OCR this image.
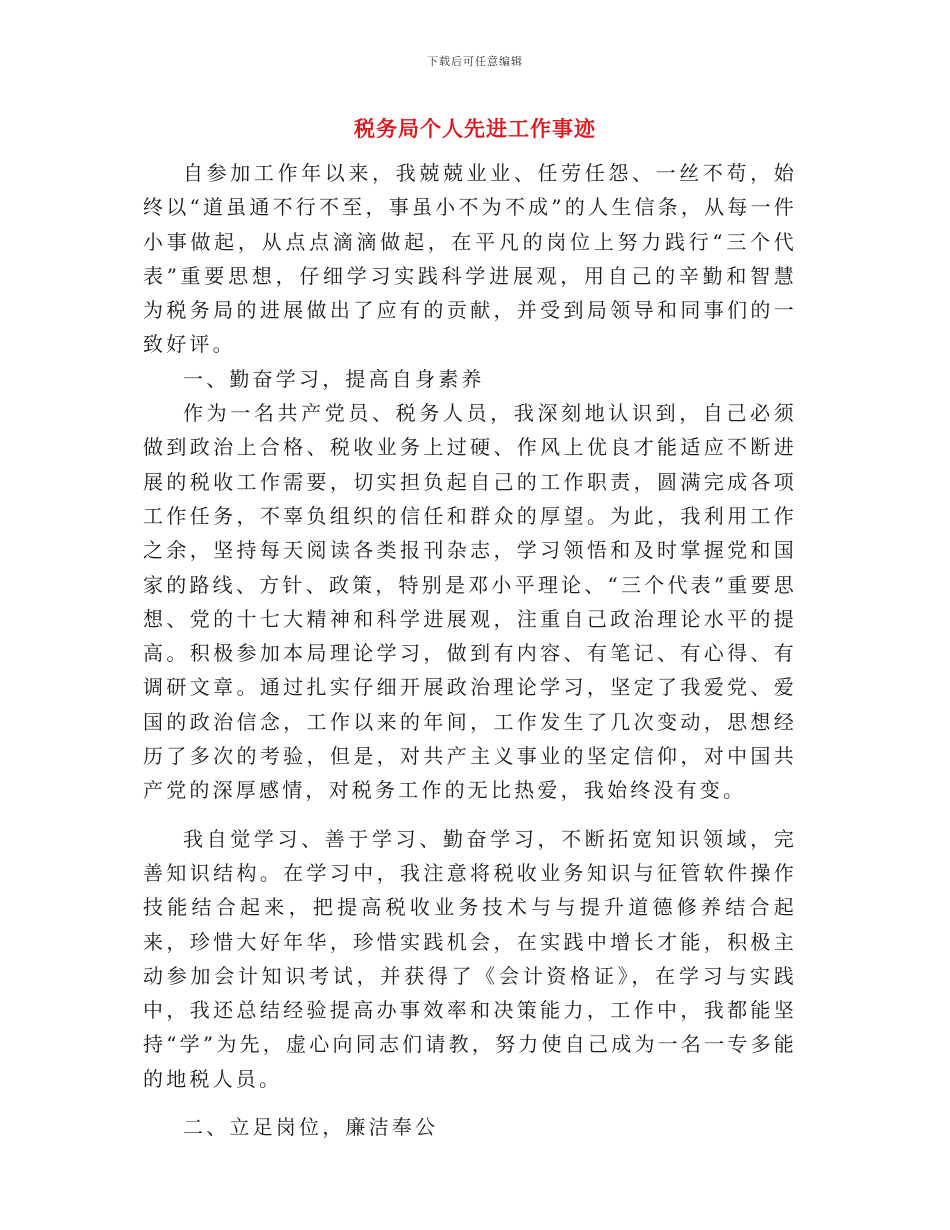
下载后可任意编辑
税务局个人先进工作事迹

自参加工作年以来，我兢兢业业、任劳任怨、一丝不苟，始终以“道虽通不行不至，事虽小不为不成”的人生信条，从每一件小事做起，从点点滴滴做起，在平凡的岗位上努力践行“三个代表”重要思想，仔细学习实践科学进展观，用自己的辛勤和智慧为税务局的进展做出了应有的贡献，并受到局领导和同事们的一致好评。

一、勤奋学习，提高自身素养

作为一名共产党员、税务人员，我深刻地认识到，自己必须做到政治上合格、税收业务上过硬、作风上优良才能适应不断进展的税收工作需要，切实担负起自己的工作职责，圆满完成各项工作任务，不辜负组织的信任和群众的厚望。为此，我利用工作之余，坚持每天阅读各类报刊杂志，学习领悟和及时掌握党和国家的路线、方针、政策，特别是邓小平理论、“三个代表”重要思想、党的十七大精神和科学进展观，注重自己政治理论水平的提高。积极参加本局理论学习，做到有内容、有笔记、有心得、有调研文章。通过扎实仔细开展政治理论学习，坚定了我爱党、爱国的政治信念，工作以来的年间，工作发生了几次变动，思想经历了多次的考验，但是，对共产主义事业的坚定信仰，对中国共产党的深厚感情，对税务工作的无比热爱，我始终没有变。

我自觉学习、善于学习、勤奋学习，不断拓宽知识领域，完善知识结构。在学习中，我注意将税收业务知识与征管软件操作技能结合起来，把提高税收业务技术与与提升道德修养结合起来，珍惜大好年华，珍惜实践机会，在实践中增长才能，积极主动参加会计知识考试，并获得了《会计资格证》，在学习与实践中，我还总结经验提高办事效率和决策能力，工作中，我都能坚持“学”为先，虚心向同志们请教，努力使自己成为一名一专多能的地税人员。

二、立足岗位，廉洁奉公
